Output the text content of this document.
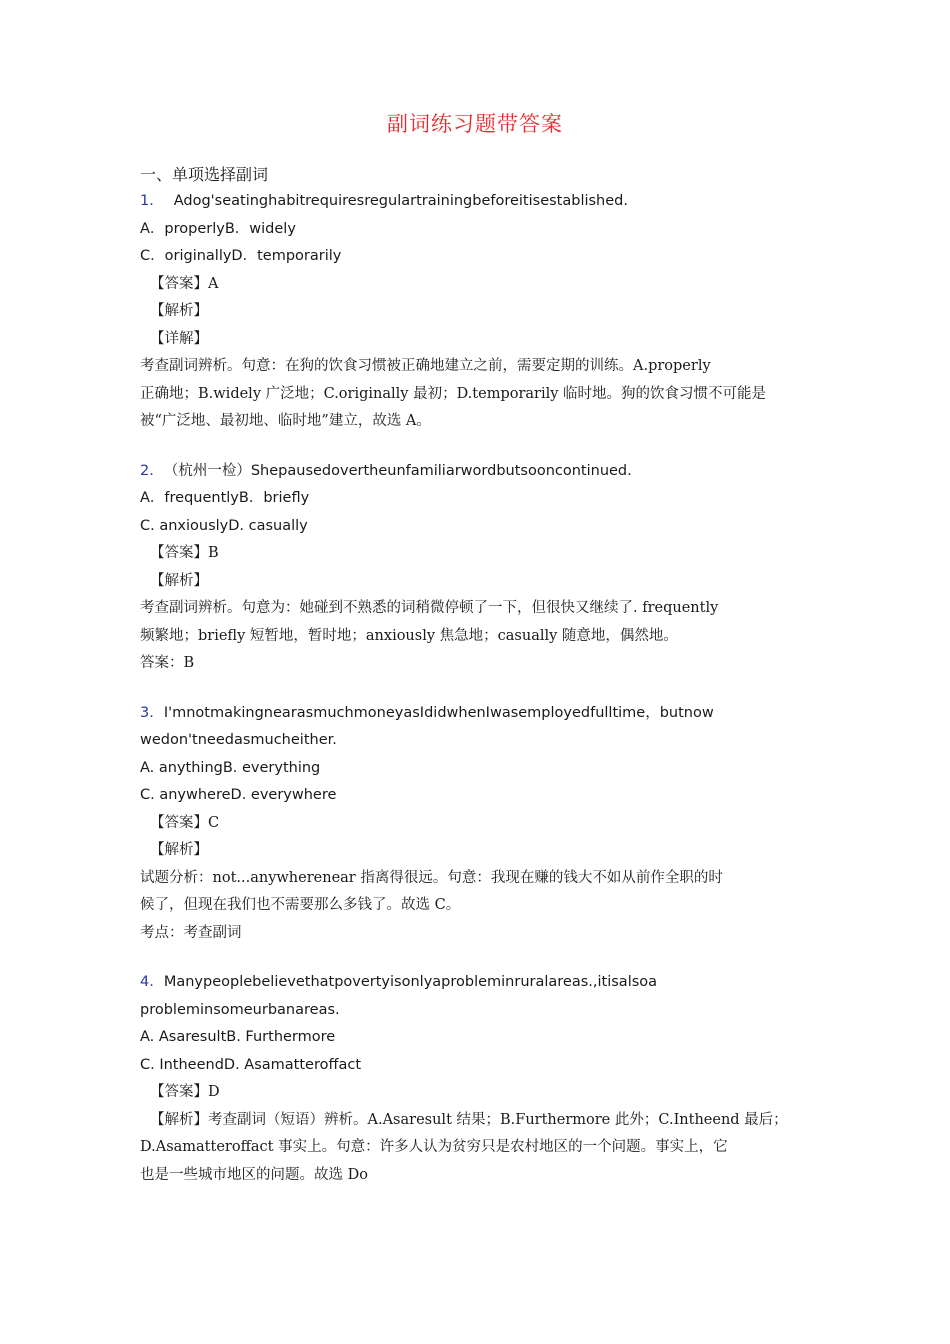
副词练习题带答案
一、单项选择副词
1． Adog'seatinghabitrequiresregulartrainingbeforeitisestablished.
A．properlyB．widely
C．originallyD．temporarily
【答案】A
【解析】
【详解】
考查副词辨析。句意：在狗的饮食习惯被正确地建立之前，需要定期的训练。A.properly
正确地；B.widely 广泛地；C.originally 最初；D.temporarily 临时地。狗的饮食习惯不可能是
被“广泛地、最初地、临时地”建立，故选 A。
2. （杭州一检）Shepausedovertheunfamiliarwordbutsooncontinued.
A．frequentlyB．briefly
C. anxiouslyD. casually
【答案】B
【解析】
考查副词辨析。句意为：她碰到不熟悉的词稍微停顿了一下，但很快又继续了. frequently
频繁地；briefly 短暂地，暂时地；anxiously 焦急地；casually 随意地，偶然地。
答案：B
3. I'mnotmakingnearasmuchmoneyasIdidwhenIwasemployedfulltime，butnow
wedon'tneedasmucheither.
A. anythingB. everything
C. anywhereD. everywhere
【答案】C
【解析】
试题分析：not...anywherenear 指离得很远。句意：我现在赚的钱大不如从前作全职的时
候了，但现在我们也不需要那么多钱了。故选 C。
考点：考查副词
4. Manypeoplebelievethatpovertyisonlyaprobleminruralareas.,itisalsoa
probleminsomeurbanareas.
A. AsaresultB. Furthermore
C. IntheendD. Asamatteroffact
【答案】D
【解析】考查副词（短语）辨析。A.Asaresult 结果；B.Furthermore 此外；C.Intheend 最后；
D.Asamatteroffact 事实上。句意：许多人认为贫穷只是农村地区的一个问题。事实上，它
也是一些城市地区的问题。故选 Do
